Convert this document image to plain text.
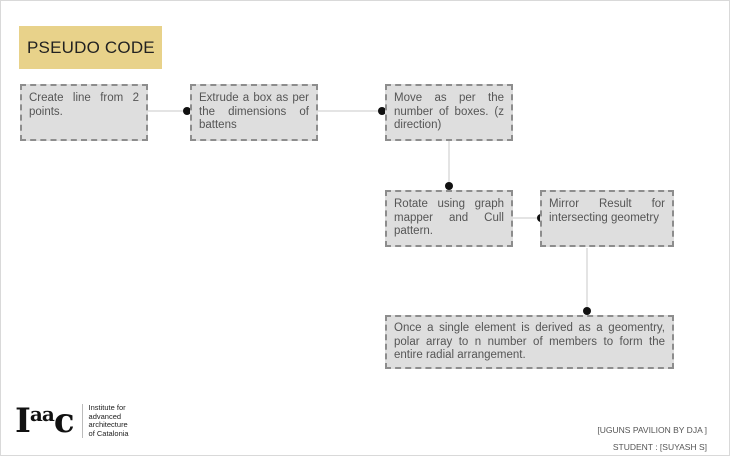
PSEUDO CODE
Create line from 2 points.
Extrude a box as per the dimensions of battens
Move as per the number of boxes. (z direction)
Rotate using graph mapper and Cull pattern.
Mirror Result for intersecting geometry
Once a single element is derived as a geomentry, polar array to n number of members to form the entire radial arrangement.
I a a c Institute for
advanced
architecture
of Catalonia	[UGUNS PAVILION BY DJA ]
STUDENT : [SUYASH S]
